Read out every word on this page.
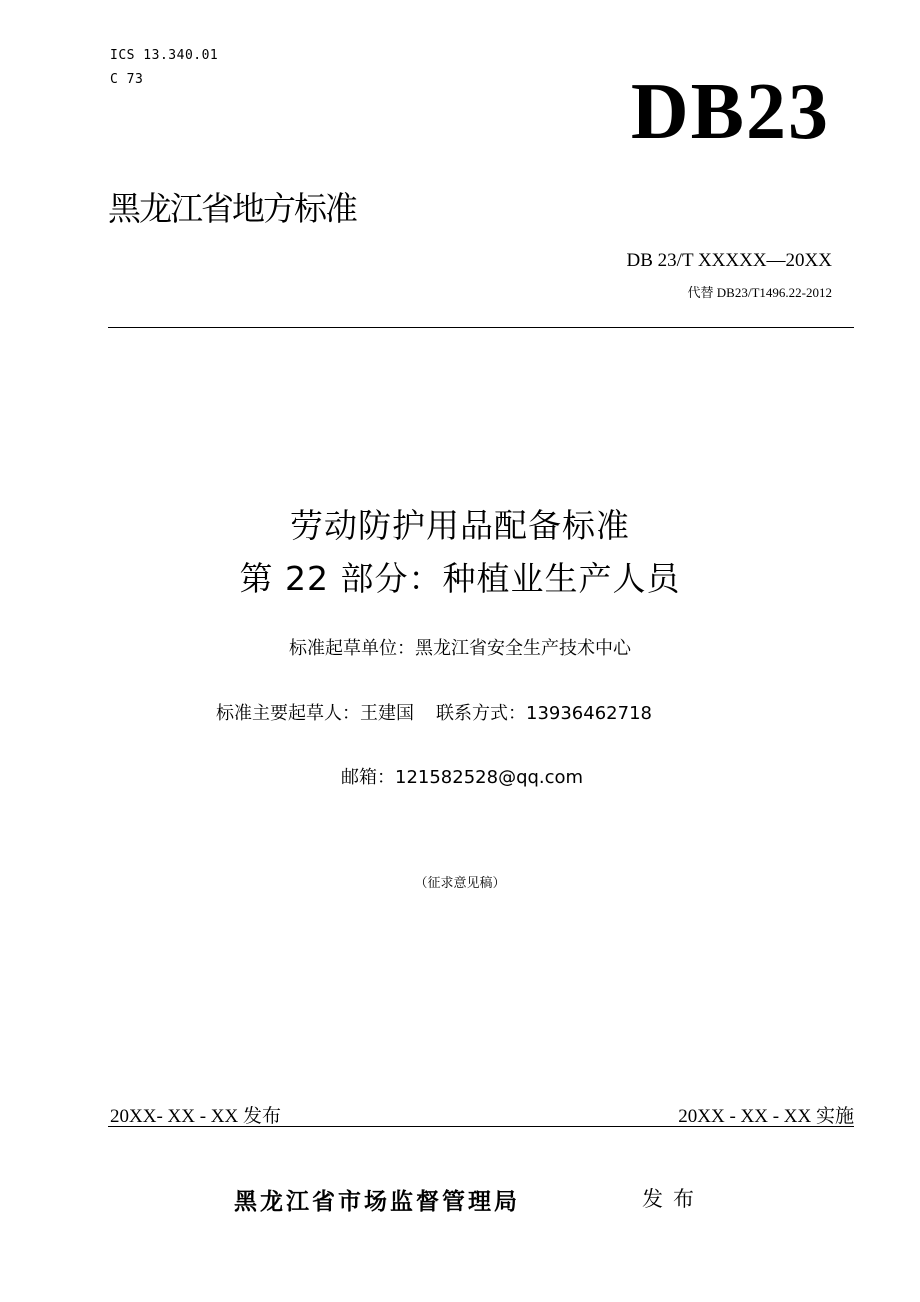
ICS 13.340.01
C 73	DB23
黑龙江省地方标准
DB 23/T XXXXX—20XX
代替 DB23/T1496.22-2012
劳动防护用品配备标准
第 22 部分：种植业生产人员
标准起草单位：黑龙江省安全生产技术中心
标准主要起草人：王建国 联系方式：13936462718
邮箱：121582528@qq.com
（征求意见稿）
20XX- XX - XX 发布	20XX - XX - XX 实施
黑龙江省市场监督管理局	发布
